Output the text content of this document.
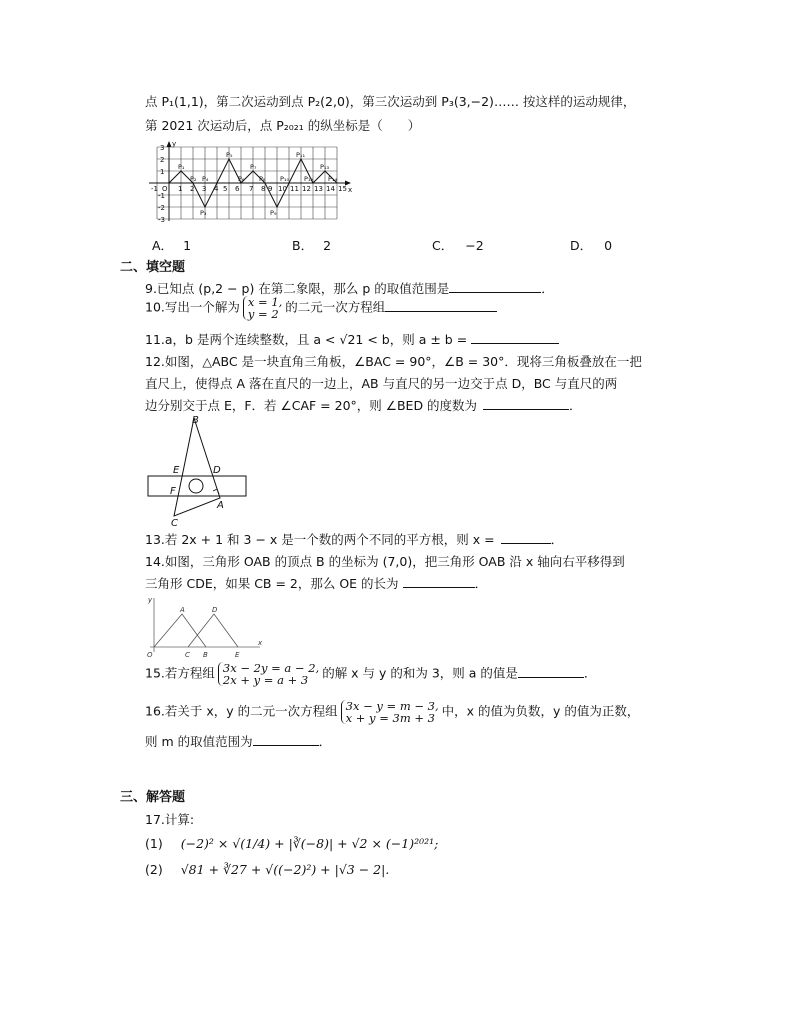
点 P₁(1,1)，第二次运动到点 P₂(2,0)，第三次运动到 P₃(3,−2)…… 按这样的运动规律，
第 2021 次运动后，点 P₂₀₂₁ 的纵坐标是（　　）
y
x
O
-1	1 2 3 4 5 6 7 8 9 10 11 12 13 14 15
3
2
1
-1
-2
-3
P₁
P₂
P₃
P₄
P₅
P₆
P₇
P₈
P₉
P₁₀
P₁₁
P₁₂
P₁₃
P₁₄
A． 1	B． 2	C． −2	D． 0
二、填空题
9.已知点 (p,2 − p) 在第二象限，那么 p 的取值范围是	．
10.写出一个解为 x = 1,
y = 2 的二元一次方程组
11.a，b 是两个连续整数，且 a < √21 < b，则 a ± b =
12.如图，△ABC 是一块直角三角板，∠BAC = 90°，∠B = 30°．现将三角板叠放在一把
直尺上，使得点 A 落在直尺的一边上，AB 与直尺的另一边交于点 D，BC 与直尺的两
边分别交于点 E，F．若 ∠CAF = 20°，则 ∠BED 的度数为	．
B
E	D
F
A
C
13.若 2x + 1 和 3 − x 是一个数的两个不同的平方根，则 x =	．
14.如图，三角形 OAB 的顶点 B 的坐标为 (7,0)，把三角形 OAB 沿 x 轴向右平移得到
三角形 CDE，如果 CB = 2，那么 OE 的长为	．
y
x
O
A	D
C B	E
15.若方程组 3x − 2y = a − 2,
2x + y = a + 3 的解 x 与 y 的和为 3，则 a 的值是	．
16.若关于 x，y 的二元一次方程组 3x − y = m − 3,
x + y = 3m + 3 中，x 的值为负数，y 的值为正数，
则 m 的取值范围为	．
三、解答题
17.计算:
(1) (−2)² × √(1/4) + |∛(−8)| + √2 × (−1)²⁰²¹;
(2) √81 + ∛27 + √((−2)²) + |√3 − 2|.
